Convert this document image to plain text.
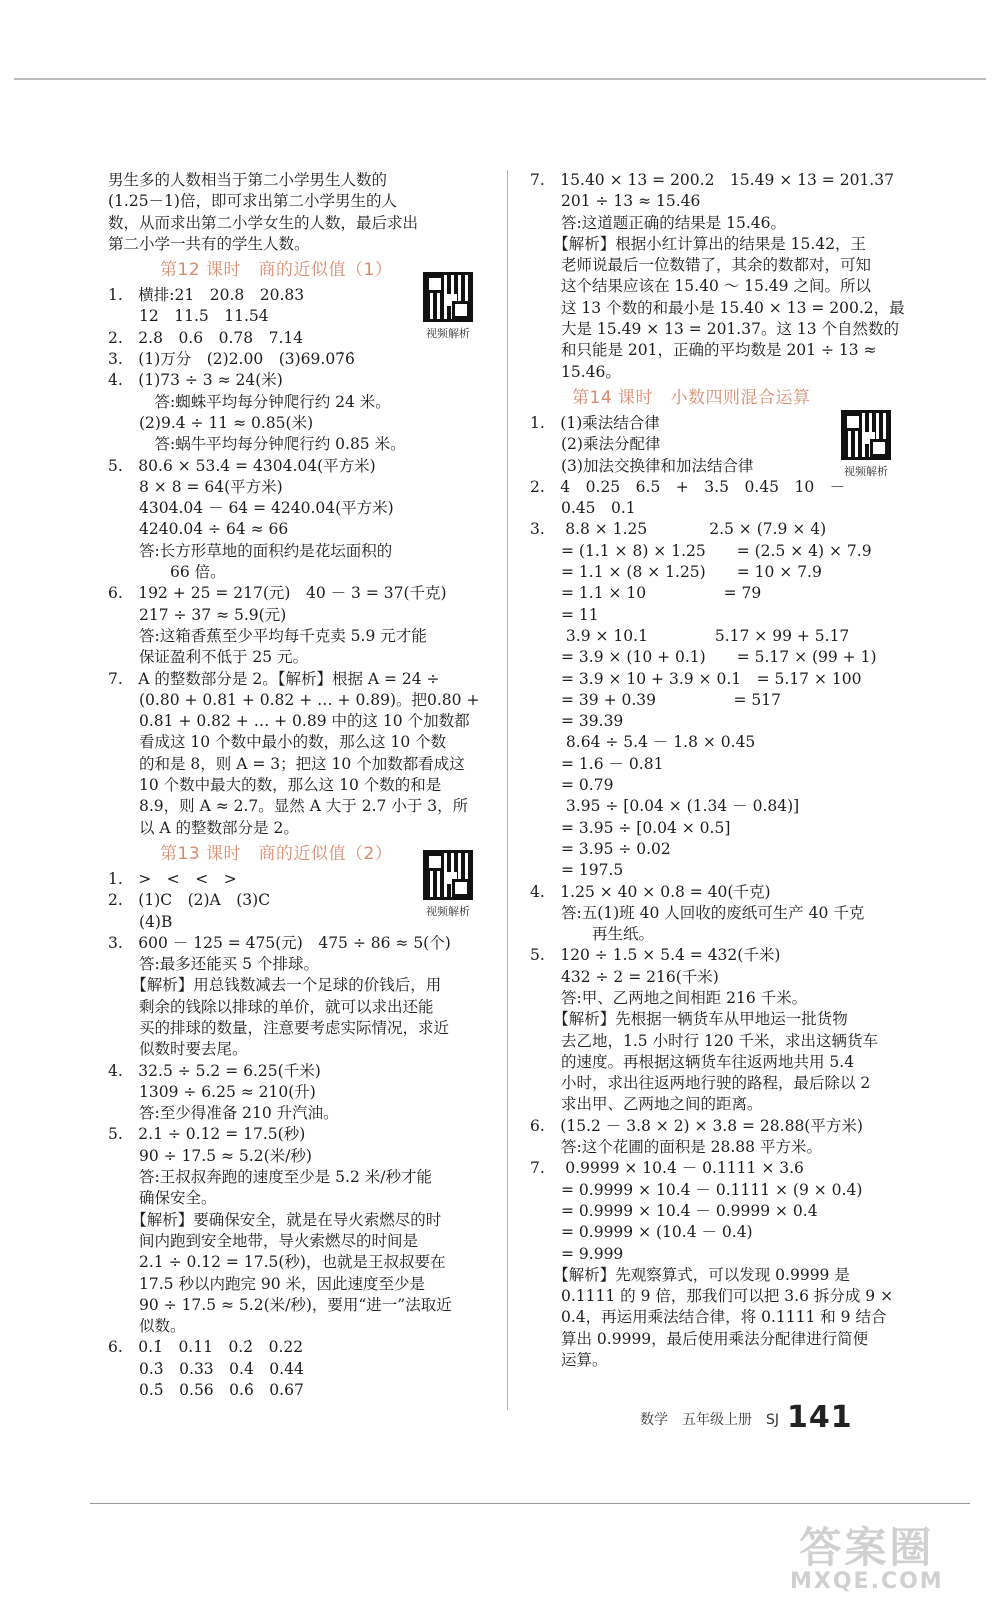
男生多的人数相当于第二小学男生人数的

(1.25－1)倍，即可求出第二小学男生的人

数，从而求出第二小学女生的人数，最后求出

第二小学一共有的学生人数。

第12 课时　商的近似值（1）

1.　横排:21　20.8　20.83

　　12　11.5　11.54

2.　2.8　0.6　0.78　7.14

3.　(1)万分　(2)2.00　(3)69.07̇6̇

4.　(1)73 ÷ 3 ≈ 24(米)

　　　答:蜘蛛平均每分钟爬行约 24 米。

　　(2)9.4 ÷ 11 ≈ 0.85(米)

　　　答:蜗牛平均每分钟爬行约 0.85 米。

5.　80.6 × 53.4 = 4304.04(平方米)

　　8 × 8 = 64(平方米)

　　4304.04 － 64 = 4240.04(平方米)

　　4240.04 ÷ 64 ≈ 66

　　答:长方形草地的面积约是花坛面积的

　　　　66 倍。

6.　192 + 25 = 217(元)　40 － 3 = 37(千克)

　　217 ÷ 37 ≈ 5.9(元)

　　答:这箱香蕉至少平均每千克卖 5.9 元才能

　　保证盈利不低于 25 元。

7.　A 的整数部分是 2。【解析】根据 A = 24 ÷

　　(0.80 + 0.81 + 0.82 + … + 0.89)。把0.80 +

　　0.81 + 0.82 + … + 0.89 中的这 10 个加数都

　　看成这 10 个数中最小的数，那么这 10 个数

　　的和是 8，则 A = 3；把这 10 个加数都看成这

　　10 个数中最大的数，那么这 10 个数的和是

　　8.9，则 A ≈ 2.7。显然 A 大于 2.7 小于 3，所

　　以 A 的整数部分是 2。

第13 课时　商的近似值（2）

1.　>　<　<　>

2.　(1)C　(2)A　(3)C

　　(4)B

3.　600 － 125 = 475(元)　475 ÷ 86 ≈ 5(个)

　　答:最多还能买 5 个排球。

　　【解析】用总钱数减去一个足球的价钱后，用

　　剩余的钱除以排球的单价，就可以求出还能

　　买的排球的数量，注意要考虑实际情况，求近

　　似数时要去尾。

4.　32.5 ÷ 5.2 = 6.25(千米)

　　1309 ÷ 6.25 ≈ 210(升)

　　答:至少得准备 210 升汽油。

5.　2.1 ÷ 0.12 = 17.5(秒)

　　90 ÷ 17.5 ≈ 5.2(米/秒)

　　答:王叔叔奔跑的速度至少是 5.2 米/秒才能

　　确保安全。

　　【解析】要确保安全，就是在导火索燃尽的时

　　间内跑到安全地带，导火索燃尽的时间是

　　2.1 ÷ 0.12 = 17.5(秒)，也就是王叔叔要在

　　17.5 秒以内跑完 90 米，因此速度至少是

　　90 ÷ 17.5 ≈ 5.2(米/秒)，要用“进一”法取近

　　似数。

6.　0.1̇　0.11　0.2̇　0.22

　　0.3̇　0.33　0.4̇　0.44

　　0.5̇　0.56　0.6̇　0.67

视频解析
视频解析
视频解析

7.　15.40 × 13 = 200.2　15.49 × 13 = 201.37

　　201 ÷ 13 ≈ 15.46

　　答:这道题正确的结果是 15.46。

　　【解析】根据小红计算出的结果是 15.42，王

　　老师说最后一位数错了，其余的数都对，可知

　　这个结果应该在 15.40 ～ 15.49 之间。所以

　　这 13 个数的和最小是 15.40 × 13 = 200.2，最

　　大是 15.49 × 13 = 201.37。这 13 个自然数的

　　和只能是 201，正确的平均数是 201 ÷ 13 ≈

　　15.46。

第14 课时　小数四则混合运算

1.　(1)乘法结合律

　　(2)乘法分配律

　　(3)加法交换律和加法结合律

2.　4　0.25　6.5　+　3.5　0.45　10　－

　　0.45　0.1

3.　 8.8 × 1.25　　　　2.5 × (7.9 × 4)

　　= (1.1 × 8) × 1.25　　= (2.5 × 4) × 7.9

　　= 1.1 × (8 × 1.25)　　= 10 × 7.9

　　= 1.1 × 10　　　　　= 79

　　= 11

　　 3.9 × 10.1　　　　 5.17 × 99 + 5.17

　　= 3.9 × (10 + 0.1)　　= 5.17 × (99 + 1)

　　= 3.9 × 10 + 3.9 × 0.1　= 5.17 × 100

　　= 39 + 0.39　　　　　= 517

　　= 39.39

　　 8.64 ÷ 5.4 － 1.8 × 0.45

　　= 1.6 － 0.81

　　= 0.79

　　 3.95 ÷ [0.04 × (1.34 － 0.84)]

　　= 3.95 ÷ [0.04 × 0.5]

　　= 3.95 ÷ 0.02

　　= 197.5

4.　1.25 × 40 × 0.8 = 40(千克)

　　答:五(1)班 40 人回收的废纸可生产 40 千克

　　　　再生纸。

5.　120 ÷ 1.5 × 5.4 = 432(千米)

　　432 ÷ 2 = 216(千米)

　　答:甲、乙两地之间相距 216 千米。

　　【解析】先根据一辆货车从甲地运一批货物

　　去乙地，1.5 小时行 120 千米，求出这辆货车

　　的速度。再根据这辆货车往返两地共用 5.4

　　小时，求出往返两地行驶的路程，最后除以 2

　　求出甲、乙两地之间的距离。

6.　(15.2 － 3.8 × 2) × 3.8 = 28.88(平方米)

　　答:这个花圃的面积是 28.88 平方米。

7.　 0.9999 × 10.4 － 0.1111 × 3.6

　　= 0.9999 × 10.4 － 0.1111 × (9 × 0.4)

　　= 0.9999 × 10.4 － 0.9999 × 0.4

　　= 0.9999 × (10.4 － 0.4)

　　= 9.999

　　【解析】先观察算式，可以发现 0.9999 是

　　0.1111 的 9 倍，那我们可以把 3.6 拆分成 9 ×

　　0.4，再运用乘法结合律，将 0.1111 和 9 结合

　　算出 0.9999，最后使用乘法分配律进行简便

　　运算。

数学　五年级上册　SJ 141
答案圈
MXQE.COM
